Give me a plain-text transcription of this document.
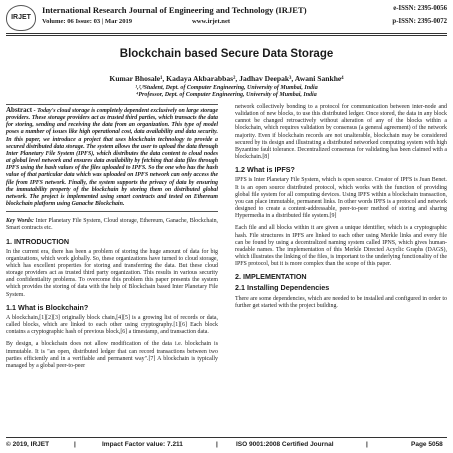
IRJET
International Research Journal of Engineering and Technology (IRJET)
Volume: 06 Issue: 03 | Mar 2019	www.irjet.net
e-ISSN: 2395-0056
p-ISSN: 2395-0072
Blockchain based Secure Data Storage
Kumar Bhosale¹, Kadaya Akbarabbas², Jadhav Deepak³, Awani Sankhe⁴
¹,²,³Student, Dept. of Computer Engineering, University of Mumbai, India
⁴Professor, Dept. of Computer Engineering, University of Mumbai, India
Abstract - Today's cloud storage is completely dependent exclusively on large storage providers. These storage providers act as trusted third parties, which transacts the data for storing, sending and receiving the data from an organization. This type of model poses a number of issues like high operational cost, data availability and data security. In this paper, we introduce a project that uses blockchain technology to provide a secured distributed data storage. The system allows the user to upload the data through Inter Planetary File System (IPFS), which distributes the data content to cloud nodes at global level network and ensures data availability by fetching that data files through IPFS using the hash values of the files uploaded to IPFS. So the one who has the hash value of that particular data which was uploaded on IPFS network can only access the file from IPFS network. Finally, the system supports the privacy of data by ensuring the immutability property of the blockchain by storing them on distributed global network. The project is implemented using smart contracts and tested on Ethereum blockchain platform using Ganache Blockchain.

Key Words: Inter Planetary File System, Cloud storage, Ethereum, Ganache, Blockchain, Smart contracts etc.

1. INTRODUCTION

In the current era, there has been a problem of storing the huge amount of data for big organizations, which work globally. So, these organizations have turned to cloud storage, which has excellent properties for storing and transferring the data. But these cloud storage providers act as trusted third party organization. This results in various security and confidentiality problems. To overcome this problem this paper presents the system which provides the storing of data with the help of Blockchain based Inter Planetary File System.

1.1 What is Blockchain?

A blockchain,[1][2][3] originally block chain,[4][5] is a growing list of records or data, called blocks, which are linked to each other using cryptography.[1][6] Each block contains a cryptographic hash of previous block,[6] a timestamp, and transaction data.

By design, a blockchain does not allow modification of the data i.e. blockchain is immutable. It is "an open, distributed ledger that can record transactions between two parties efficiently and in a verifiable and permanent way".[7] A blockchain is typically managed by a global peer-to-peer

network collectively bonding to a protocol for communication between inter-node and validation of new blocks, to use this distributed ledger. Once stored, the data in any block cannot be changed retroactively without alteration of any of the blocks within a blockchain, which requires validation by consensus (a general agreement) of the network majority. Even if blockchain records are not unalterable, blockchain may be considered secured by its design and illustrating a distributed networked computing system with high Byzantine fault tolerance. Decentralized consensus for validating has been claimed with a blockchain.[8]

1.2 What is IPFS?

IPFS is Inter Planetary File System, which is open source. Creator of IPFS is Juan Benet. It is an open source distributed protocol, which works with the function of providing global file system for all computing devices. Using IPFS within a blockchain transaction, you can place immutable, permanent links. In other words IPFS is a protocol and network designed to create a content-addressable, peer-to-peer method of storing and sharing Hypermedia in a distributed file system.[9]

Each file and all blocks within it are given a unique identifier, which is a cryptographic hash. File structures in IPFS are linked to each other using Merkle links and every file can be found by using a decentralized naming system called IPNS, which gives human-readable names. The implementation of this Merkle Directed Acyclic Graphs (DAGS), which illustrates the linking of the files, is important to the underlying functionality of the IPFS protocol, but it is more complex than the scope of this paper.

2. IMPLEMENTATION
2.1 Installing Dependencies

There are some dependencies, which are needed to be installed and configured in order to further get started with the project building.

© 2019, IRJET	|	Impact Factor value: 7.211	|	ISO 9001:2008 Certified Journal	|	Page 5058
